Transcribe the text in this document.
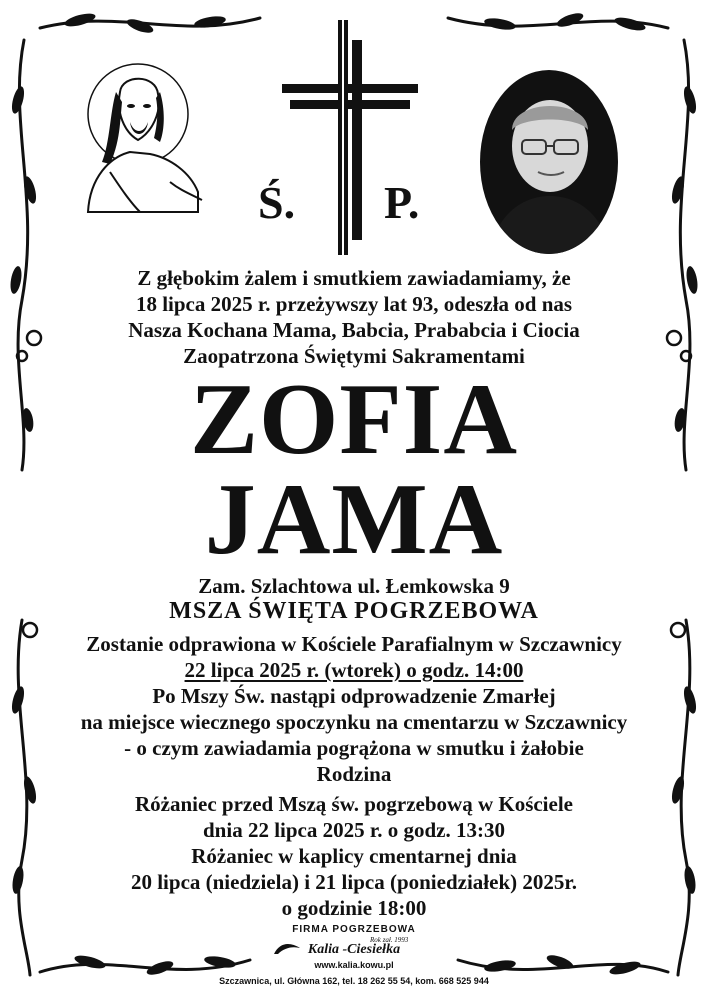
Ś. P.
Z głębokim żalem i smutkiem zawiadamiamy, że
18 lipca 2025 r. przeżywszy lat 93, odeszła od nas
Nasza Kochana Mama, Babcia, Prababcia i Ciocia
Zaopatrzona Świętymi Sakramentami
ZOFIA
JAMA
Zam. Szlachtowa ul. Łemkowska 9
MSZA ŚWIĘTA POGRZEBOWA
Zostanie odprawiona w Kościele Parafialnym w Szczawnicy
22 lipca 2025 r. (wtorek) o godz. 14:00
Po Mszy Św. nastąpi odprowadzenie Zmarłej
na miejsce wiecznego spoczynku na cmentarzu w Szczawnicy
- o czym zawiadamia pogrążona w smutku i żałobie
Rodzina
Różaniec przed Mszą św. pogrzebową w Kościele
dnia 22 lipca 2025 r. o godz. 13:30
Różaniec w kaplicy cmentarnej dnia
20 lipca (niedziela) i 21 lipca (poniedziałek) 2025r.
o godzinie 18:00
FIRMA POGRZEBOWA
Rok zał. 1993
Kalia -Ciesiełka
www.kalia.kowu.pl
Szczawnica, ul. Główna 162, tel. 18 262 55 54, kom. 668 525 944
